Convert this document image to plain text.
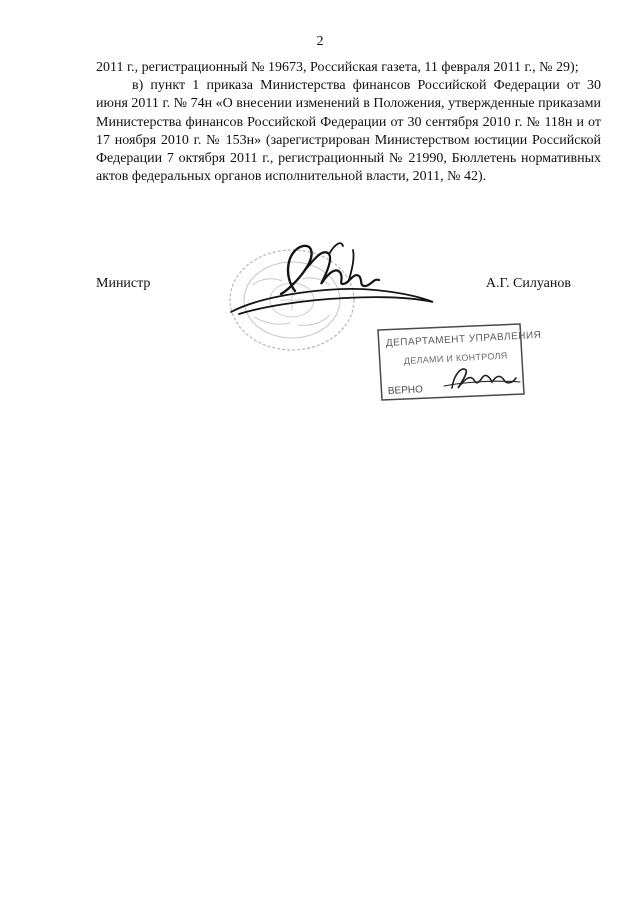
2

2011 г., регистрационный № 19673, Российская газета, 11 февраля 2011 г., № 29);

в) пункт 1 приказа Министерства финансов Российской Федерации от 30 июня 2011 г. № 74н «О внесении изменений в Положения, утвержденные приказами Министерства финансов Российской Федерации от 30 сентября 2010 г. № 118н и от 17 ноября 2010 г. № 153н» (зарегистрирован Министерством юстиции Российской Федерации 7 октября 2011 г., регистрационный № 21990, Бюллетень нормативных актов федеральных органов исполнительной власти, 2011, № 42).

Министр	А.Г. Силуанов
ДЕПАРТАМЕНТ УПРАВЛЕНИЯ
ДЕЛАМИ И КОНТРОЛЯ
ВЕРНО
